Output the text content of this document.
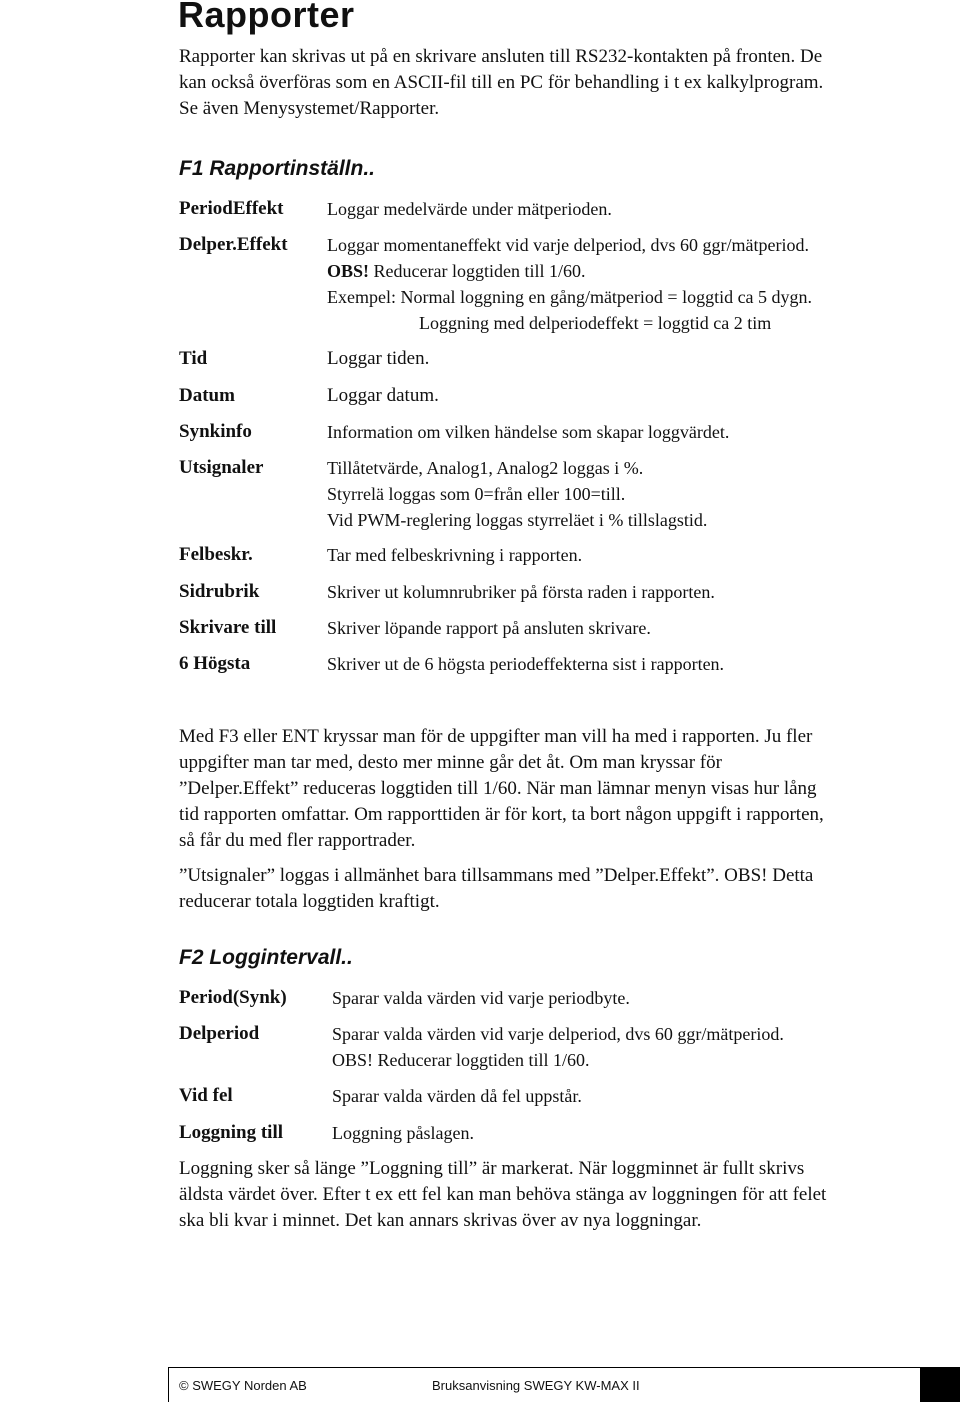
Rapporter
Rapporter kan skrivas ut på en skrivare ansluten till RS232-kontakten på fronten. De
kan också överföras som en ASCII-fil till en PC för behandling i t ex kalkylprogram.
Se även Menysystemet/Rapporter.
F1 Rapportinställn..
PeriodEffekt Loggar medelvärde under mätperioden.
Delper.Effekt Loggar momentaneffekt vid varje delperiod, dvs 60 ggr/mätperiod.
OBS! Reducerar loggtiden till 1/60.
Exempel: Normal loggning en gång/mätperiod = loggtid ca 5 dygn.
Loggning med delperiodeffekt = loggtid ca 2 tim
Tid	Loggar tiden.
Datum	Loggar datum.
Synkinfo	Information om vilken händelse som skapar loggvärdet.
Utsignaler	Tillåtetvärde, Analog1, Analog2 loggas i %.
Styrrelä loggas som 0=från eller 100=till.
Vid PWM-reglering loggas styrreläet i % tillslagstid.
Felbeskr.	Tar med felbeskrivning i rapporten.
Sidrubrik	Skriver ut kolumnrubriker på första raden i rapporten.
Skrivare till	Skriver löpande rapport på ansluten skrivare.
6 Högsta	Skriver ut de 6 högsta periodeffekterna sist i rapporten.
Med F3 eller ENT kryssar man för de uppgifter man vill ha med i rapporten. Ju fler
uppgifter man tar med, desto mer minne går det åt. Om man kryssar för
”Delper.Effekt” reduceras loggtiden till 1/60. När man lämnar menyn visas hur lång
tid rapporten omfattar. Om rapporttiden är för kort, ta bort någon uppgift i rapporten,
så får du med fler rapportrader.
”Utsignaler” loggas i allmänhet bara tillsammans med ”Delper.Effekt”. OBS! Detta
reducerar totala loggtiden kraftigt.
F2 Loggintervall..
Period(Synk)	Sparar valda värden vid varje periodbyte.
Delperiod	Sparar valda värden vid varje delperiod, dvs 60 ggr/mätperiod.
OBS! Reducerar loggtiden till 1/60.
Vid fel	Sparar valda värden då fel uppstår.
Loggning till	Loggning påslagen.
Loggning sker så länge ”Loggning till” är markerat. När loggminnet är fullt skrivs
äldsta värdet över. Efter t ex ett fel kan man behöva stänga av loggningen för att felet
ska bli kvar i minnet. Det kan annars skrivas över av nya loggningar.
© SWEGY Norden AB	Bruksanvisning SWEGY KW-MAX II
